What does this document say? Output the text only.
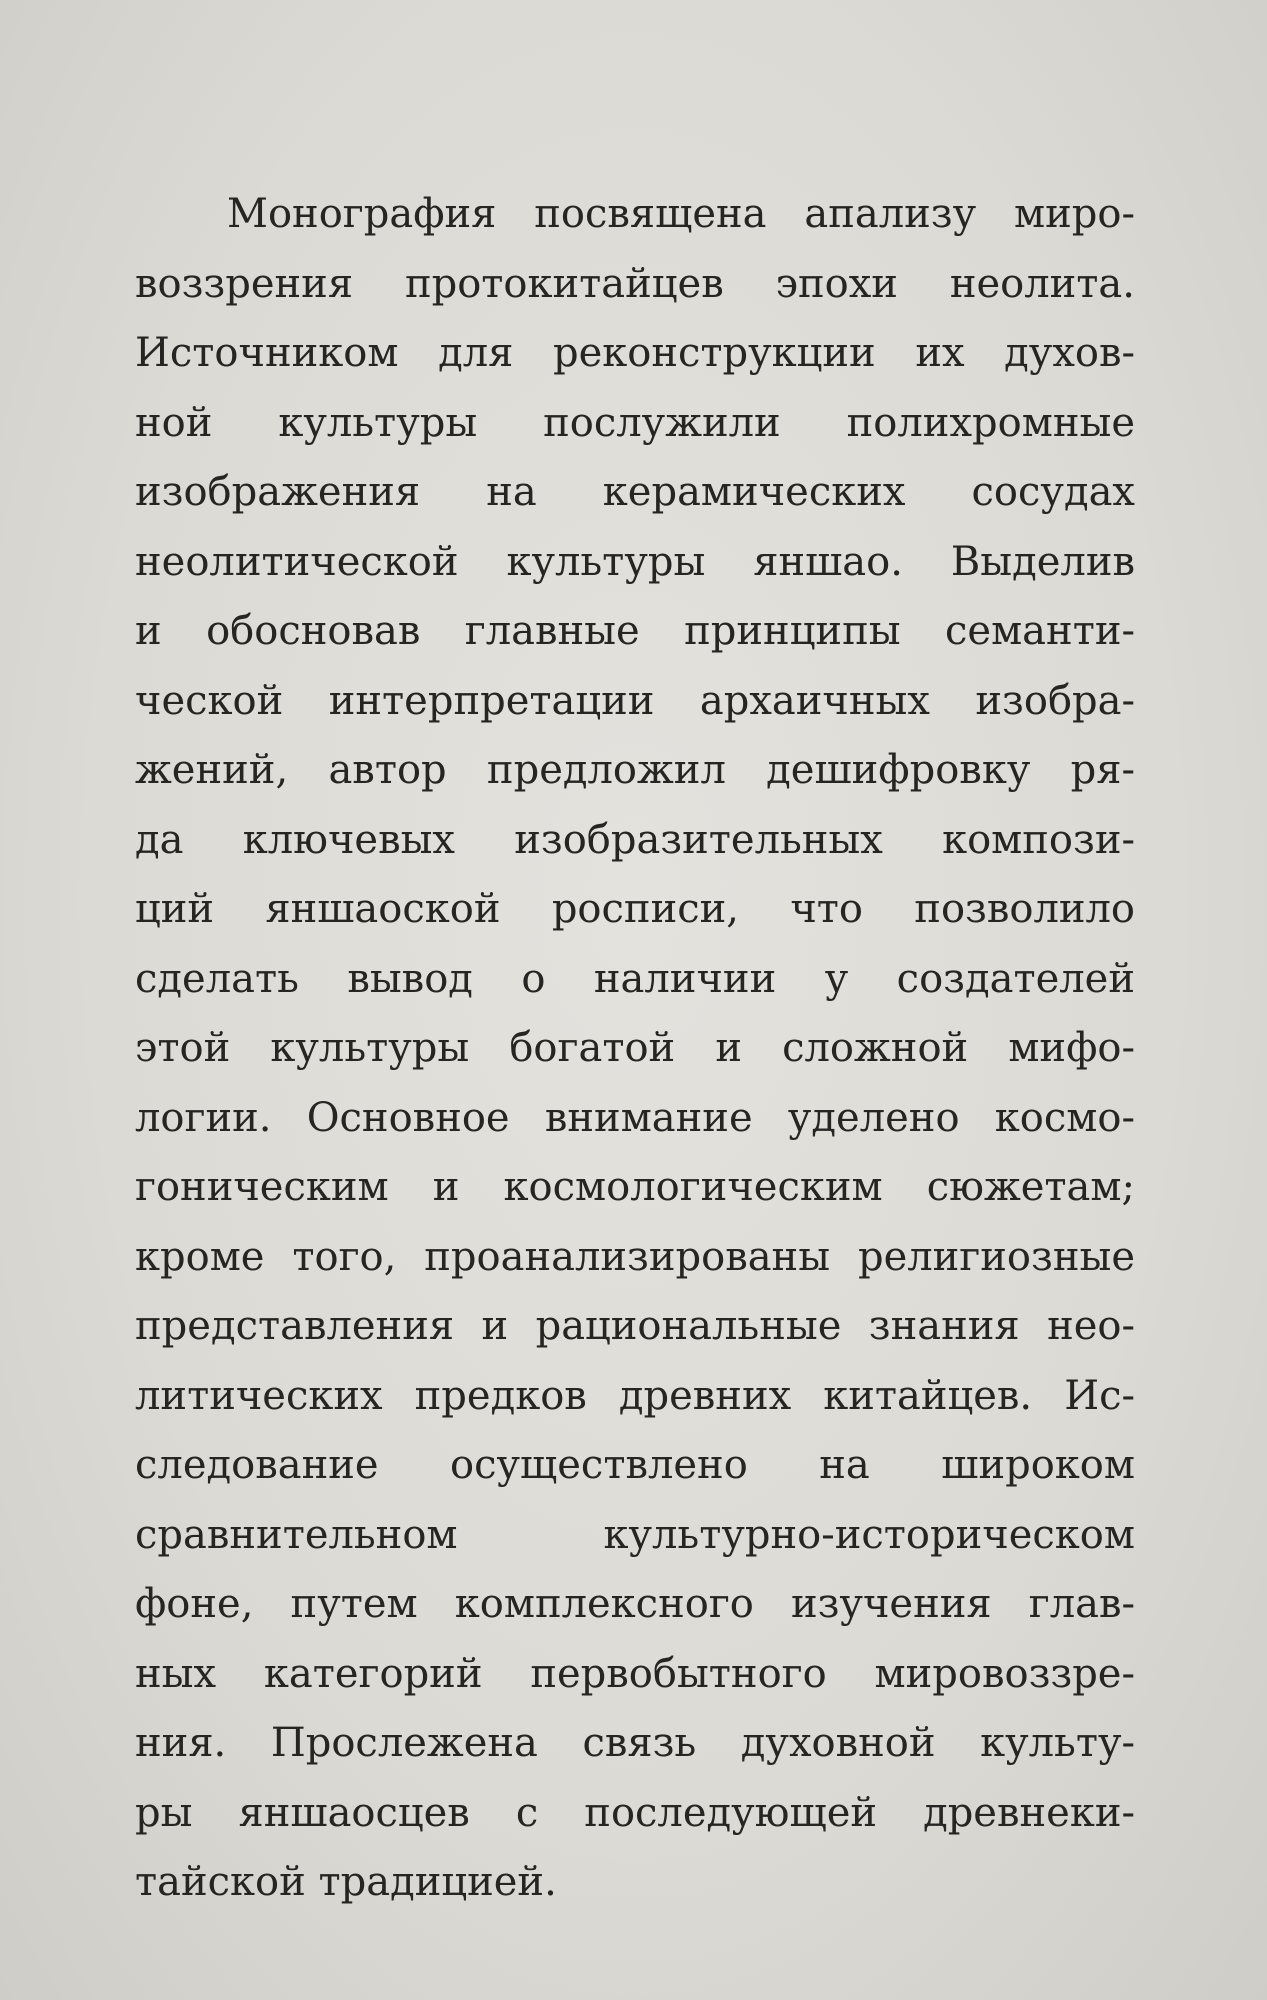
Монография посвящена апализу миро-
воззрения протокитайцев эпохи неолита.
Источником для реконструкции их духов-
ной культуры послужили полихромные
изображения на керамических сосудах
неолитической культуры яншао. Выделив
и обосновав главные принципы семанти-
ческой интерпретации архаичных изобра-
жений, автор предложил дешифровку ря-
да ключевых изобразительных компози-
ций яншаоской росписи, что позволило
сделать вывод о наличии у создателей
этой культуры богатой и сложной мифо-
логии. Основное внимание уделено космо-
гоническим и космологическим сюжетам;
кроме того, проанализированы религиозные
представления и рациональные знания нео-
литических предков древних китайцев. Ис-
следование осуществлено на широком
сравнительном культурно-историческом
фоне, путем комплексного изучения глав-
ных категорий первобытного мировоззре-
ния. Прослежена связь духовной культу-
ры яншаосцев с последующей древнеки-
тайской традицией.
